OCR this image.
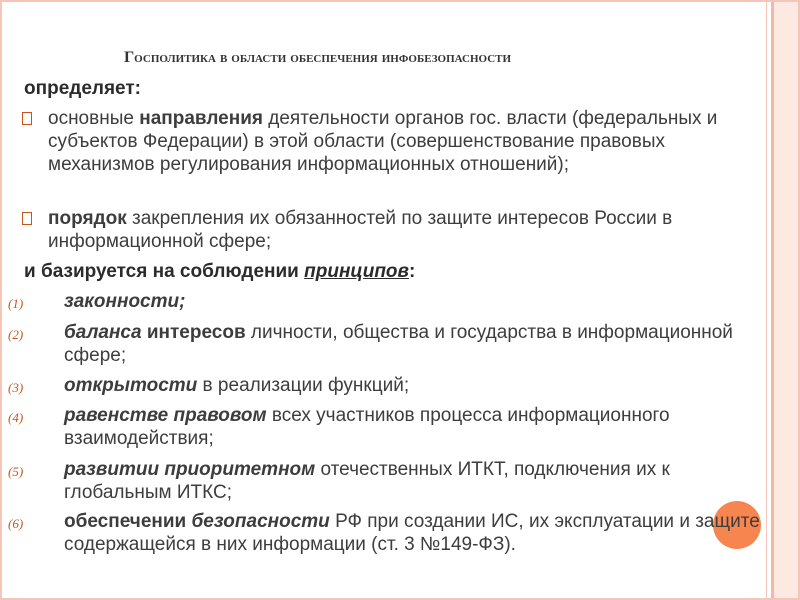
Госполитика в области обеспечения инфобезопасности
определяет:
основные направления деятельности органов гос. власти (федеральных и субъектов Федерации) в этой области (совершенствование правовых механизмов регулирования информационных отношений);
порядок закрепления их обязанностей по защите интересов России в информационной сфере;
и базируется на соблюдении принципов:
(1) законности;
(2) баланса интересов личности, общества и государства в информационной сфере;
(3) открытости в реализации функций;
(4) равенстве правовом всех участников процесса информационного взаимодействия;
(5) развитии приоритетном отечественных ИТКТ, подключения их к глобальным ИТКС;
(6) обеспечении безопасности РФ при создании ИС, их эксплуатации и защите содержащейся в них информации (ст. 3 №149-ФЗ).
